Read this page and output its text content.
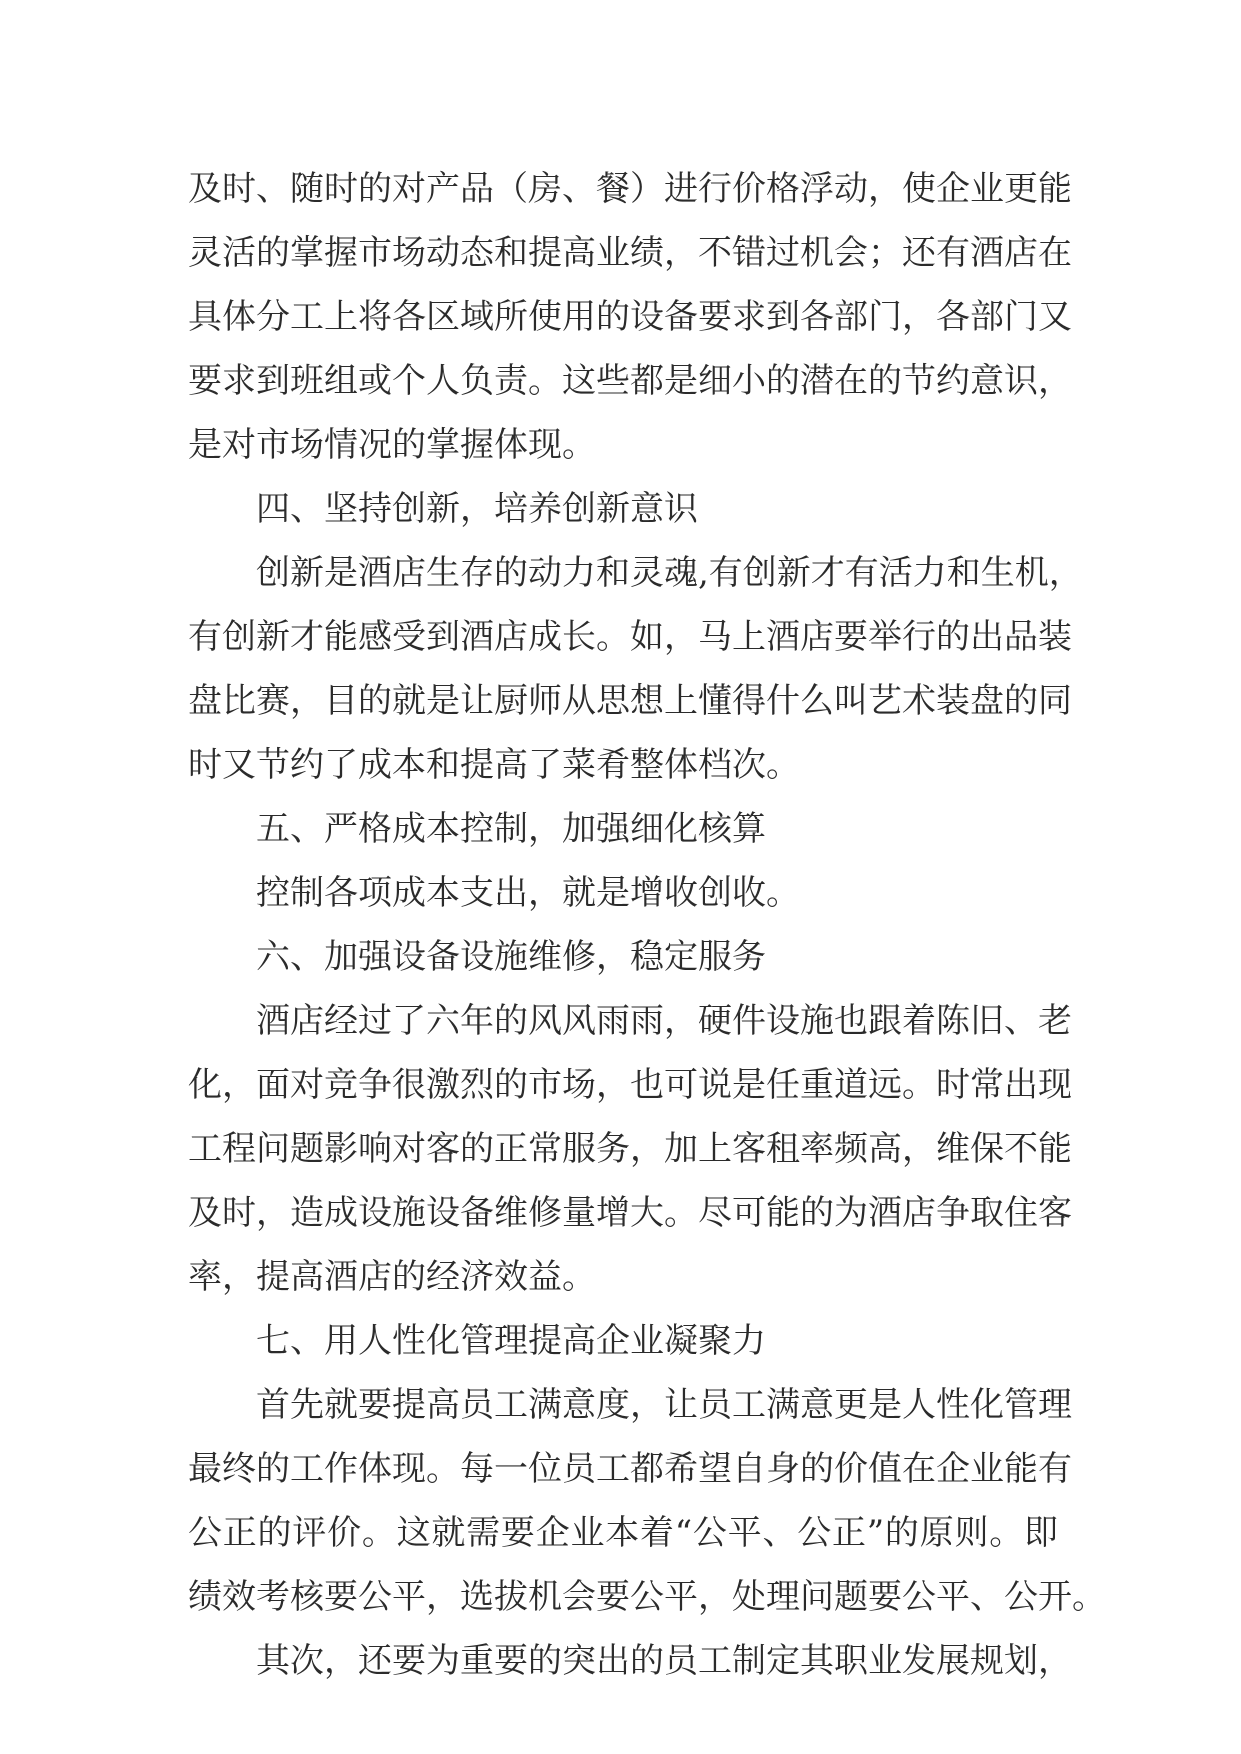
及时、随时的对产品（房、餐）进行价格浮动，使企业更能
灵活的掌握市场动态和提高业绩，不错过机会；还有酒店在
具体分工上将各区域所使用的设备要求到各部门，各部门又
要求到班组或个人负责。这些都是细小的潜在的节约意识，
是对市场情况的掌握体现。
四、坚持创新，培养创新意识
创新是酒店生存的动力和灵魂,有创新才有活力和生机，
有创新才能感受到酒店成长。如，马上酒店要举行的出品装
盘比赛，目的就是让厨师从思想上懂得什么叫艺术装盘的同
时又节约了成本和提高了菜肴整体档次。
五、严格成本控制，加强细化核算
控制各项成本支出，就是增收创收。
六、加强设备设施维修，稳定服务
酒店经过了六年的风风雨雨，硬件设施也跟着陈旧、老
化，面对竞争很激烈的市场，也可说是任重道远。时常出现
工程问题影响对客的正常服务，加上客租率频高，维保不能
及时，造成设施设备维修量增大。尽可能的为酒店争取住客
率，提高酒店的经济效益。
七、用人性化管理提高企业凝聚力
首先就要提高员工满意度，让员工满意更是人性化管理
最终的工作体现。每一位员工都希望自身的价值在企业能有
公正的评价。这就需要企业本着“公平、公正”的原则。即
绩效考核要公平，选拔机会要公平，处理问题要公平、公开。
其次，还要为重要的突出的员工制定其职业发展规划，
